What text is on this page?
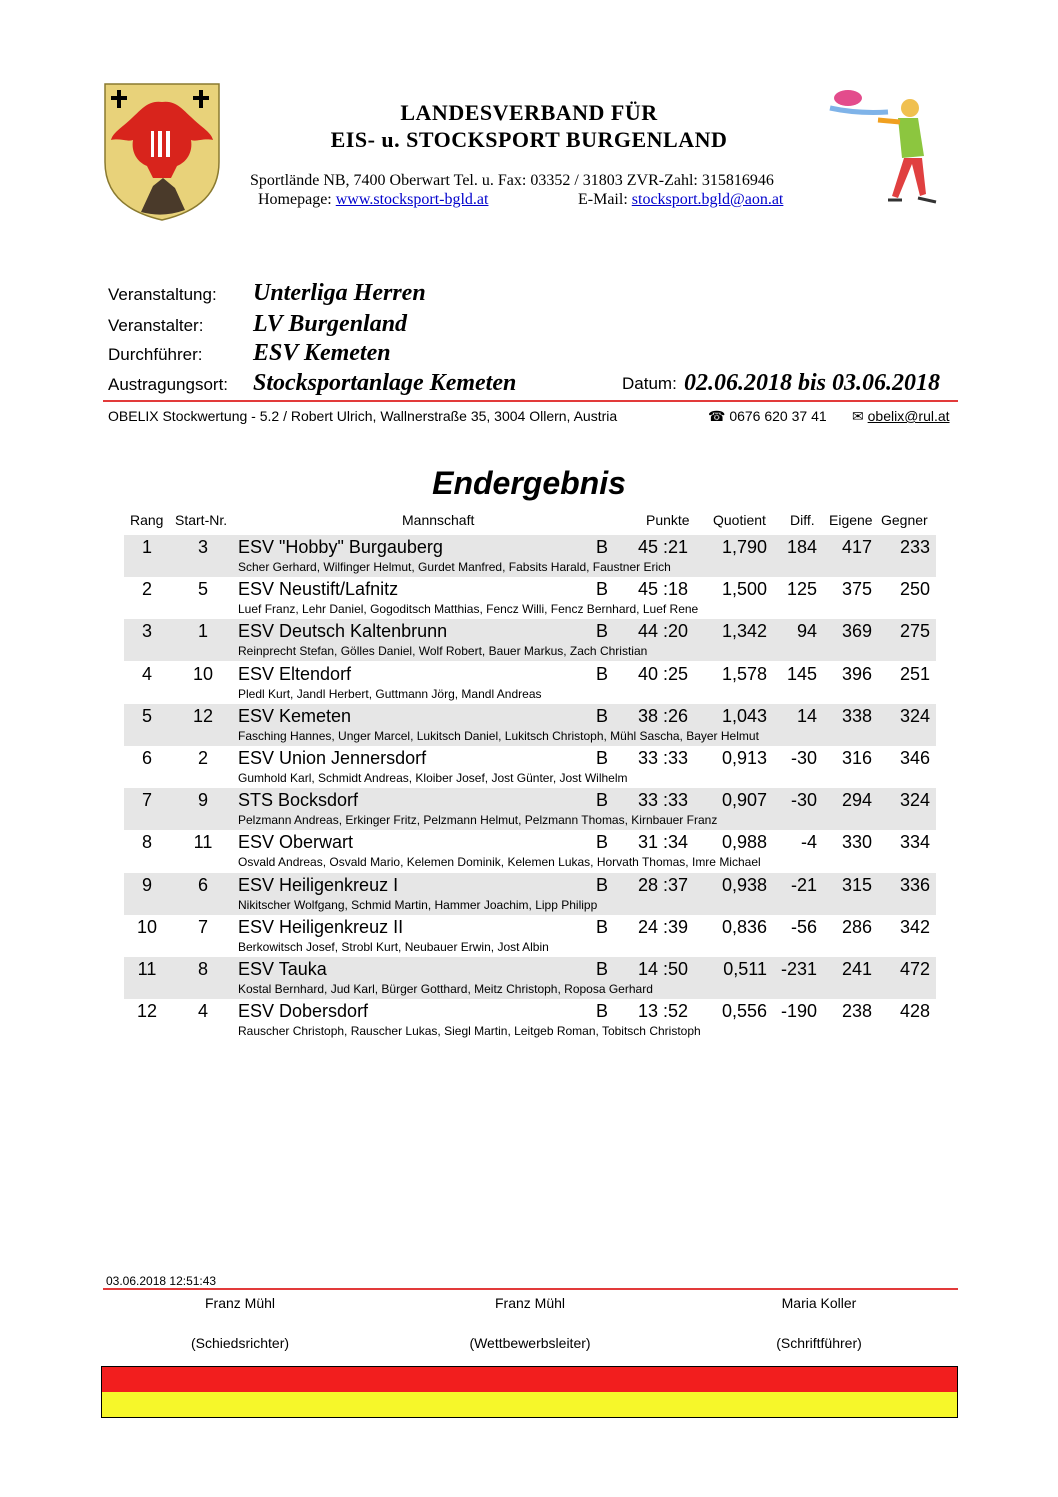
LANDESVERBAND FÜR
EIS- u. STOCKSPORT BURGENLAND
Sportlände NB, 7400 Oberwart Tel. u. Fax: 03352 / 31803 ZVR-Zahl: 315816946
Homepage: www.stocksport-bgld.at	E-Mail: stocksport.bgld@aon.at
Veranstaltung: Unterliga Herren
Veranstalter: LV Burgenland
Durchführer: ESV Kemeten
Austragungsort: Stocksportanlage Kemeten	Datum: 02.06.2018 bis 03.06.2018
OBELIX Stockwertung - 5.2 / Robert Ulrich, Wallnerstraße 35, 3004 Ollern, Austria	☎ 0676 620 37 41 ✉ obelix@rul.at
Endergebnis
Rang Start-Nr.	Mannschaft	Punkte Quotient Diff. Eigene Gegner
1	3	ESV "Hobby" Burgauberg	B 45 :21	1,790	184	417	233
Scher Gerhard, Wilfinger Helmut, Gurdet Manfred, Fabsits Harald, Faustner Erich
2	5	ESV Neustift/Lafnitz	B 45 :18	1,500	125	375	250
Luef Franz, Lehr Daniel, Gogoditsch Matthias, Fencz Willi, Fencz Bernhard, Luef Rene
3	1	ESV Deutsch Kaltenbrunn	B 44 :20	1,342	94	369	275
Reinprecht Stefan, Gölles Daniel, Wolf Robert, Bauer Markus, Zach Christian
4	10	ESV Eltendorf	B 40 :25	1,578	145	396	251
Pledl Kurt, Jandl Herbert, Guttmann Jörg, Mandl Andreas
5	12	ESV Kemeten	B 38 :26	1,043	14	338	324
Fasching Hannes, Unger Marcel, Lukitsch Daniel, Lukitsch Christoph, Mühl Sascha, Bayer Helmut
6	2	ESV Union Jennersdorf	B 33 :33	0,913	-30	316	346
Gumhold Karl, Schmidt Andreas, Kloiber Josef, Jost Günter, Jost Wilhelm
7	9	STS Bocksdorf	B 33 :33	0,907	-30	294	324
Pelzmann Andreas, Erkinger Fritz, Pelzmann Helmut, Pelzmann Thomas, Kirnbauer Franz
8	11	ESV Oberwart	B 31 :34	0,988	-4	330	334
Osvald Andreas, Osvald Mario, Kelemen Dominik, Kelemen Lukas, Horvath Thomas, Imre Michael
9	6	ESV Heiligenkreuz I	B 28 :37	0,938	-21	315	336
Nikitscher Wolfgang, Schmid Martin, Hammer Joachim, Lipp Philipp
10	7	ESV Heiligenkreuz II	B 24 :39	0,836	-56	286	342
Berkowitsch Josef, Strobl Kurt, Neubauer Erwin, Jost Albin
11	8	ESV Tauka	B 14 :50	0,511 -231	241	472
Kostal Bernhard, Jud Karl, Bürger Gotthard, Meitz Christoph, Roposa Gerhard
12	4	ESV Dobersdorf	B 13 :52	0,556 -190	238	428
Rauscher Christoph, Rauscher Lukas, Siegl Martin, Leitgeb Roman, Tobitsch Christoph
03.06.2018 12:51:43
Franz Mühl	Franz Mühl	Maria Koller
(Schiedsrichter)	(Wettbewerbsleiter)	(Schriftführer)
